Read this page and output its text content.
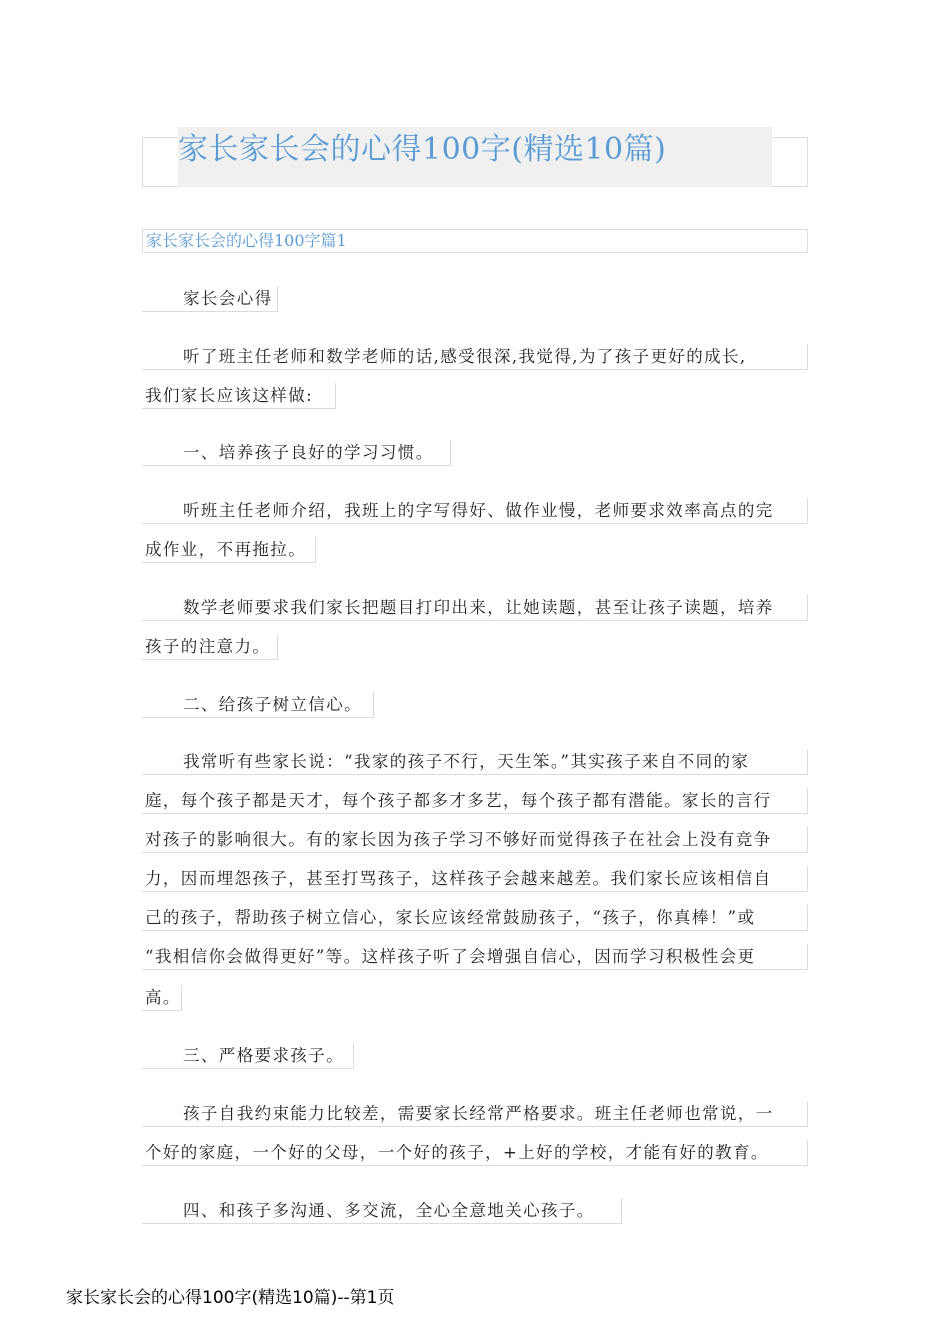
家长家长会的心得100字(精选10篇)
家长家长会的心得100字篇1
家长会心得
听了班主任老师和数学老师的话,感受很深,我觉得,为了孩子更好的成长,
我们家长应该这样做:
一、培养孩子良好的学习习惯。
听班主任老师介绍，我班上的字写得好、做作业慢，老师要求效率高点的完
成作业，不再拖拉。
数学老师要求我们家长把题目打印出来，让她读题，甚至让孩子读题，培养
孩子的注意力。
二、给孩子树立信心。
我常听有些家长说：“我家的孩子不行，天生笨。”其实孩子来自不同的家
庭，每个孩子都是天才，每个孩子都多才多艺，每个孩子都有潜能。家长的言行
对孩子的影响很大。有的家长因为孩子学习不够好而觉得孩子在社会上没有竞争
力，因而埋怨孩子，甚至打骂孩子，这样孩子会越来越差。我们家长应该相信自
己的孩子，帮助孩子树立信心，家长应该经常鼓励孩子，“孩子，你真棒！”或
“我相信你会做得更好”等。这样孩子听了会增强自信心，因而学习积极性会更
高。
三、严格要求孩子。
孩子自我约束能力比较差，需要家长经常严格要求。班主任老师也常说，一
个好的家庭，一个好的父母，一个好的孩子，+上好的学校，才能有好的教育。
四、和孩子多沟通、多交流，全心全意地关心孩子。
家长家长会的心得100字(精选10篇)--第1页
